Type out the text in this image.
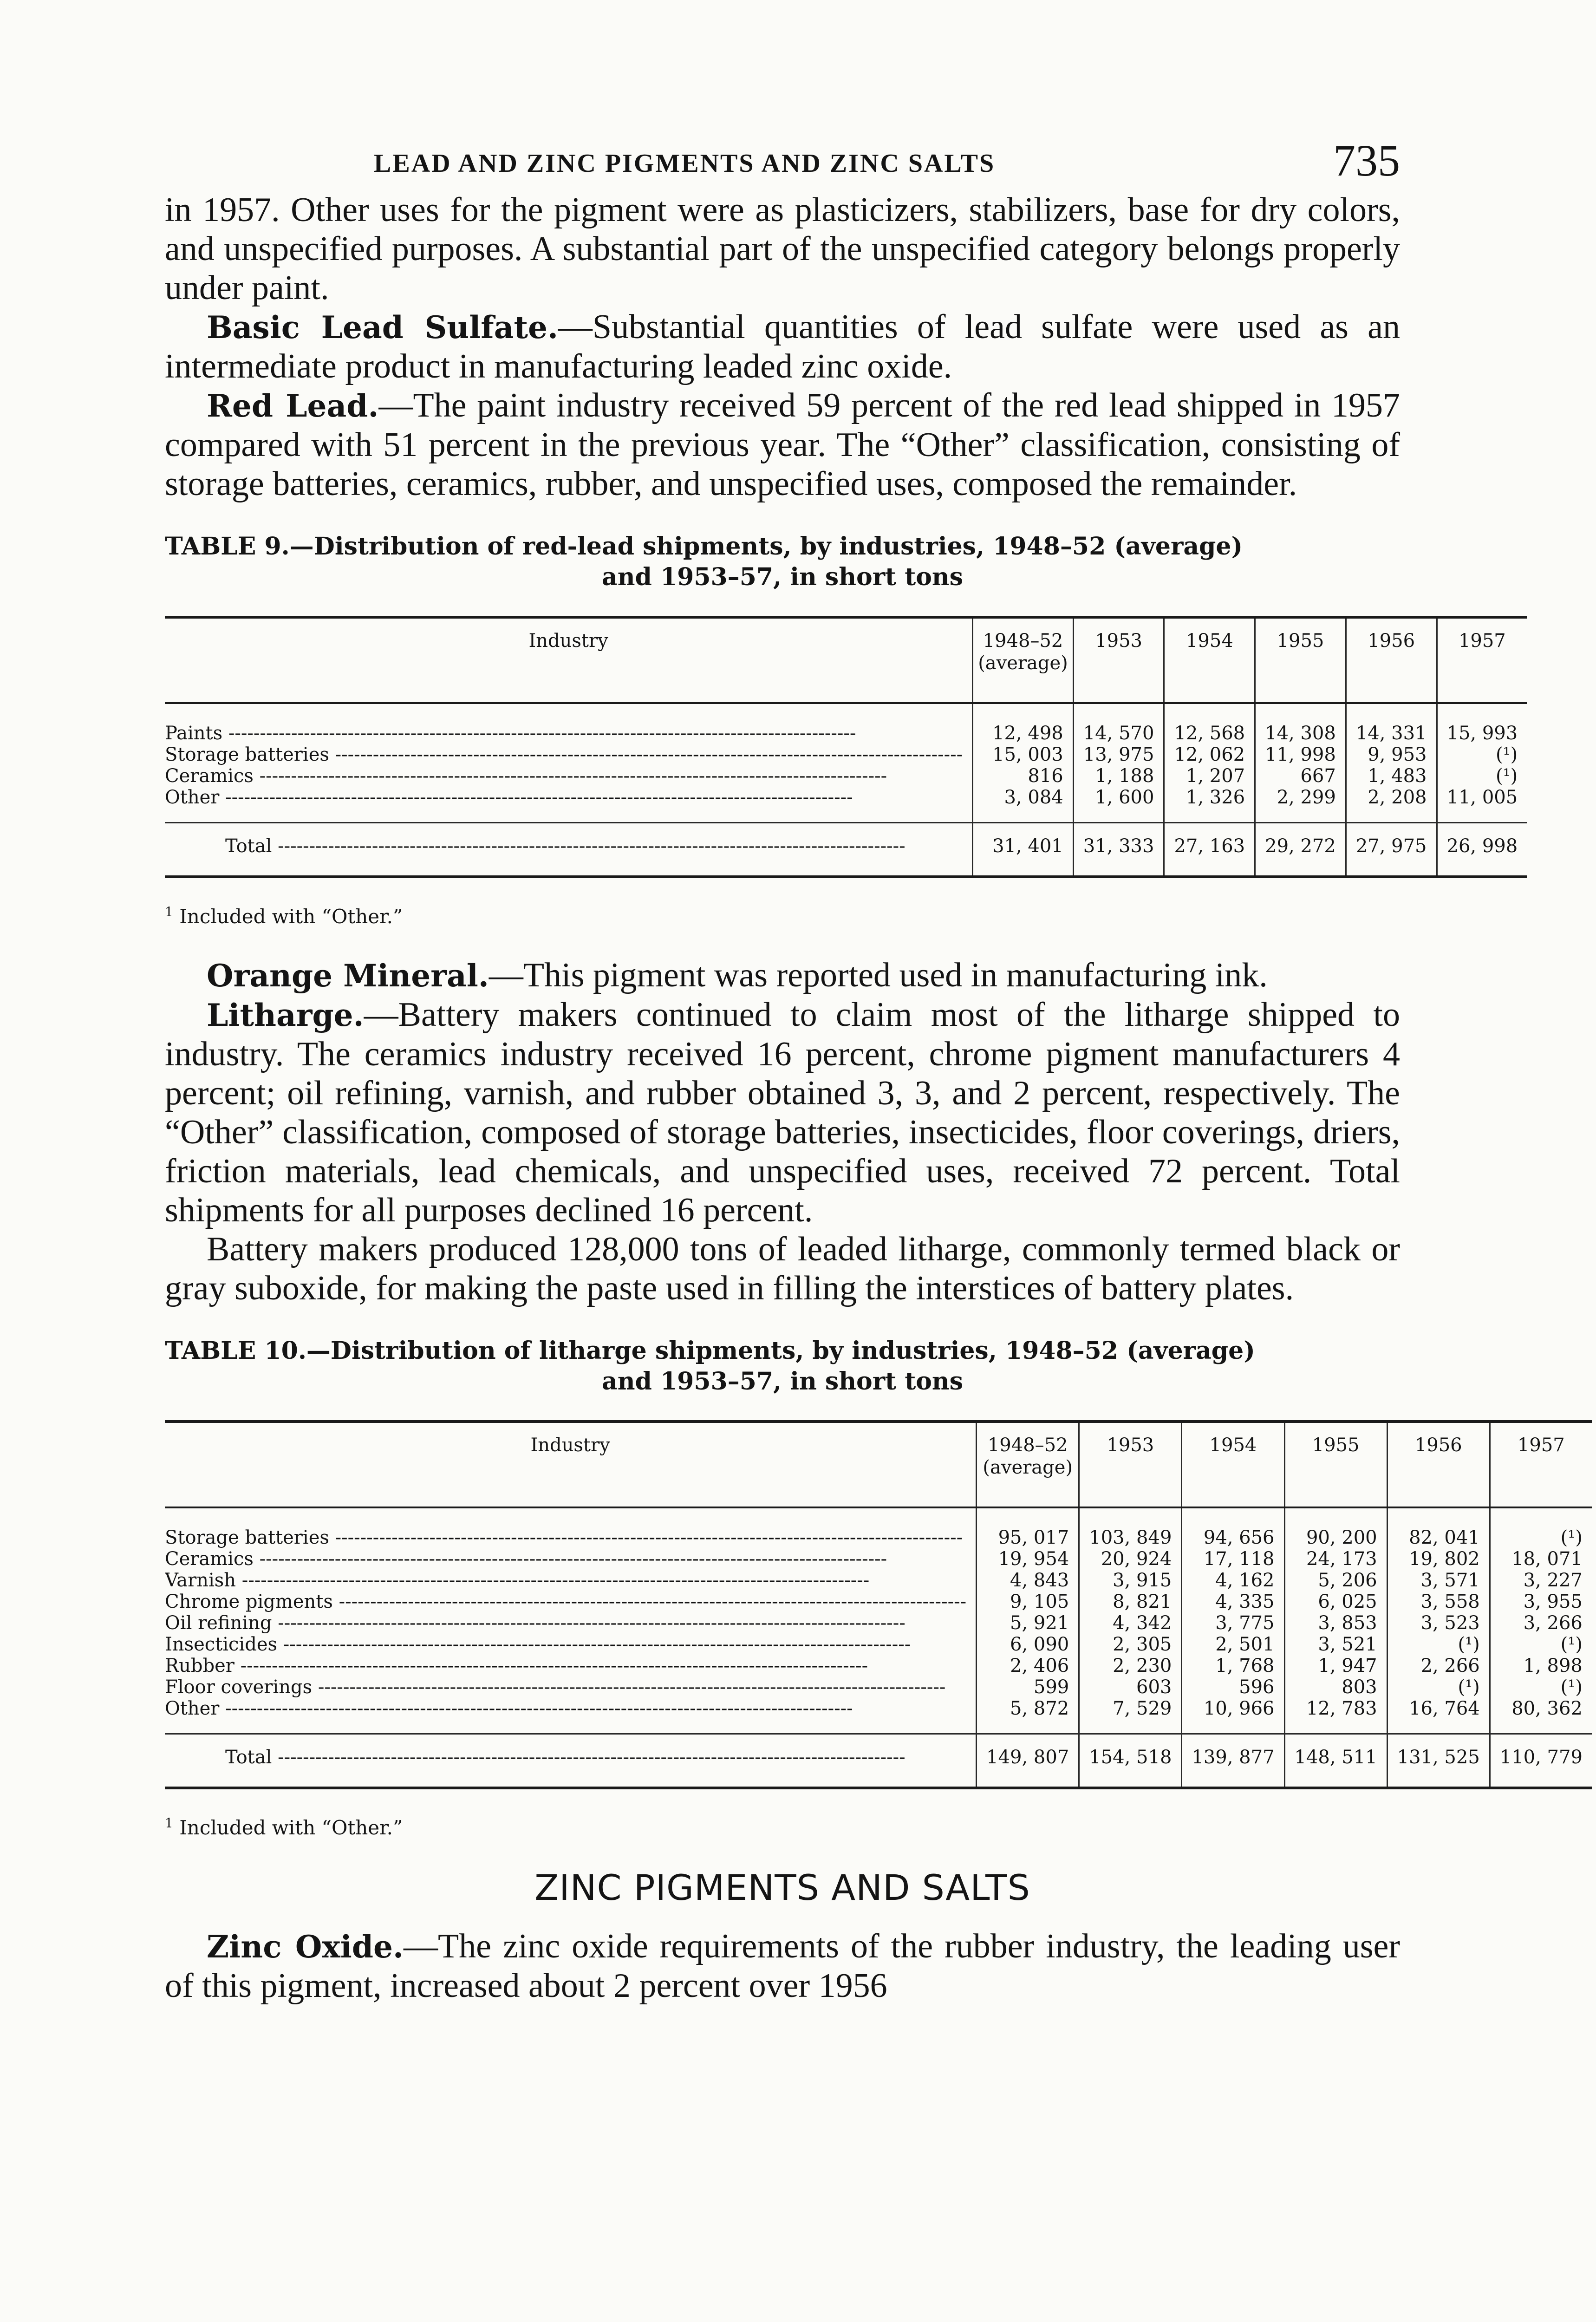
LEAD AND ZINC PIGMENTS AND ZINC SALTS	735

in 1957. Other uses for the pigment were as plasticizers, stabilizers, base for dry colors, and unspecified purposes. A substantial part of the unspecified category belongs properly under paint.

Basic Lead Sulfate.—Substantial quantities of lead sulfate were used as an intermediate product in manufacturing leaded zinc oxide.

Red Lead.—The paint industry received 59 percent of the red lead shipped in 1957 compared with 51 percent in the previous year. The “Other” classification, consisting of storage batteries, ceramics, rubber, and unspecified uses, composed the remainder.

TABLE 9.—Distribution of red-lead shipments, by industries, 1948–52 (average)
and 1953–57, in short tons
Industry	1948–52 (average)	1953	1954	1955	1956	1957
Paints -----	12, 498	14, 570	12, 568	14, 308	14, 331	15, 993
Storage batteries -----	15, 003	13, 975	12, 062	11, 998	9, 953	(¹)
Ceramics -----	816	1, 188	1, 207	667	1, 483	(¹)
Other -----	3, 084	1, 600	1, 326	2, 299	2, 208	11, 005
Total -----	31, 401	31, 333	27, 163	29, 272	27, 975	26, 998
$^1$ Included with “Other.”

Orange Mineral.—This pigment was reported used in manufacturing ink.

Litharge.—Battery makers continued to claim most of the litharge shipped to industry. The ceramics industry received 16 percent, chrome pigment manufacturers 4 percent; oil refining, varnish, and rubber obtained 3, 3, and 2 percent, respectively. The “Other” classification, composed of storage batteries, insecticides, floor coverings, driers, friction materials, lead chemicals, and unspecified uses, received 72 percent. Total shipments for all purposes declined 16 percent.

Battery makers produced 128,000 tons of leaded litharge, commonly termed black or gray suboxide, for making the paste used in filling the interstices of battery plates.

TABLE 10.—Distribution of litharge shipments, by industries, 1948–52 (average)
and 1953–57, in short tons
Industry	1948–52 (average)	1953	1954	1955	1956	1957
Storage batteries -----	95, 017	103, 849	94, 656	90, 200	82, 041	(¹)
Ceramics -----	19, 954	20, 924	17, 118	24, 173	19, 802	18, 071
Varnish -----	4, 843	3, 915	4, 162	5, 206	3, 571	3, 227
Chrome pigments -----	9, 105	8, 821	4, 335	6, 025	3, 558	3, 955
Oil refining -----	5, 921	4, 342	3, 775	3, 853	3, 523	3, 266
Insecticides -----	6, 090	2, 305	2, 501	3, 521	(¹)	(¹)
Rubber -----	2, 406	2, 230	1, 768	1, 947	2, 266	1, 898
Floor coverings -----	599	603	596	803	(¹)	(¹)
Other -----	5, 872	7, 529	10, 966	12, 783	16, 764	80, 362
Total -----	149, 807	154, 518	139, 877	148, 511	131, 525	110, 779
$^1$ Included with “Other.”
ZINC PIGMENTS AND SALTS

Zinc Oxide.—The zinc oxide requirements of the rubber industry, the leading user of this pigment, increased about 2 percent over 1956
